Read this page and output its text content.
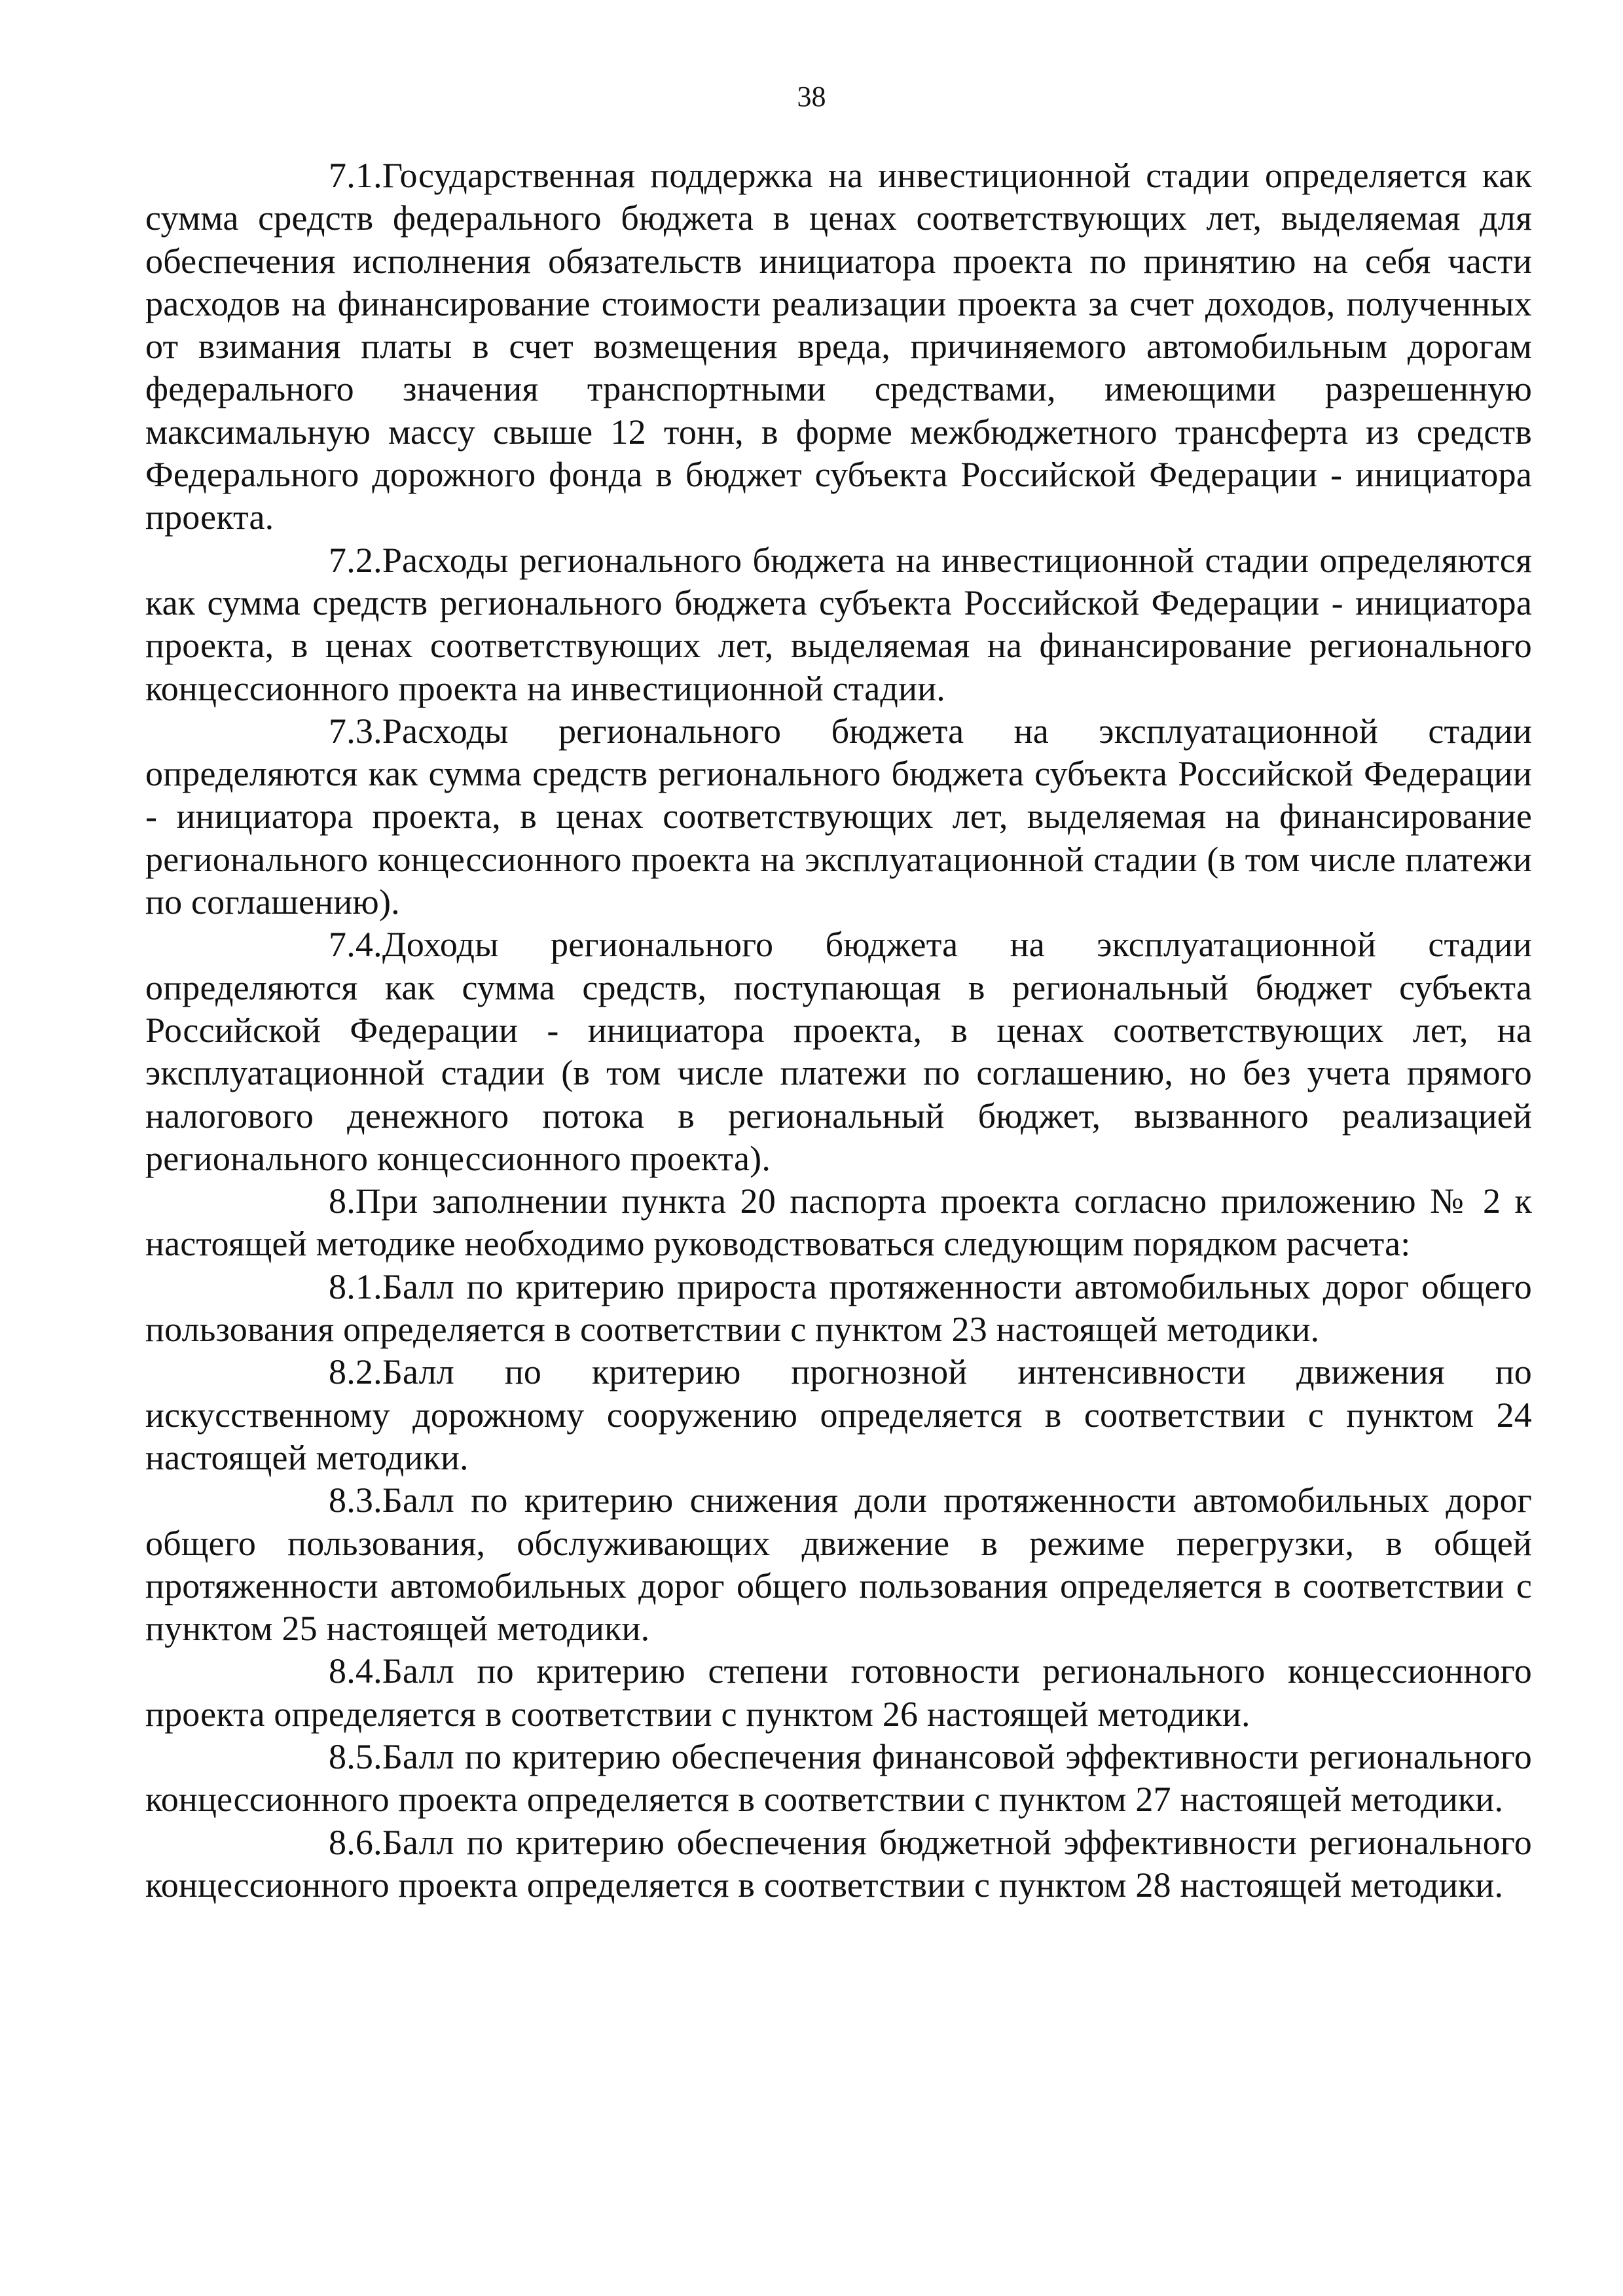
38

7.1.Государственная поддержка на инвестиционной стадии определяется как сумма средств федерального бюджета в ценах соответствующих лет, выделяемая для обеспечения исполнения обязательств инициатора проекта по принятию на себя части расходов на финансирование стоимости реализации проекта за счет доходов, полученных от взимания платы в счет возмещения вреда, причиняемого автомобильным дорогам федерального значения транспортными средствами, имеющими разрешенную максимальную массу свыше 12 тонн, в форме межбюджетного трансферта из средств Федерального дорожного фонда в бюджет субъекта Российской Федерации - инициатора проекта.

7.2.Расходы регионального бюджета на инвестиционной стадии определяются как сумма средств регионального бюджета субъекта Российской Федерации - инициатора проекта, в ценах соответствующих лет, выделяемая на финансирование регионального концессионного проекта на инвестиционной стадии.

7.3.Расходы регионального бюджета на эксплуатационной стадии определяются как сумма средств регионального бюджета субъекта Российской Федерации - инициатора проекта, в ценах соответствующих лет, выделяемая на финансирование регионального концессионного проекта на эксплуатационной стадии (в том числе платежи по соглашению).

7.4.Доходы регионального бюджета на эксплуатационной стадии определяются как сумма средств, поступающая в региональный бюджет субъекта Российской Федерации - инициатора проекта, в ценах соответствующих лет, на эксплуатационной стадии (в том числе платежи по соглашению, но без учета прямого налогового денежного потока в региональный бюджет, вызванного реализацией регионального концессионного проекта).

8.При заполнении пункта 20 паспорта проекта согласно приложению № 2 к настоящей методике необходимо руководствоваться следующим порядком расчета:

8.1.Балл по критерию прироста протяженности автомобильных дорог общего пользования определяется в соответствии с пунктом 23 настоящей методики.

8.2.Балл по критерию прогнозной интенсивности движения по искусственному дорожному сооружению определяется в соответствии с пунктом 24 настоящей методики.

8.3.Балл по критерию снижения доли протяженности автомобильных дорог общего пользования, обслуживающих движение в режиме перегрузки, в общей протяженности автомобильных дорог общего пользования определяется в соответствии с пунктом 25 настоящей методики.

8.4.Балл по критерию степени готовности регионального концессионного проекта определяется в соответствии с пунктом 26 настоящей методики.

8.5.Балл по критерию обеспечения финансовой эффективности регионального концессионного проекта определяется в соответствии с пунктом 27 настоящей методики.

8.6.Балл по критерию обеспечения бюджетной эффективности регионального концессионного проекта определяется в соответствии с пунктом 28 настоящей методики.
